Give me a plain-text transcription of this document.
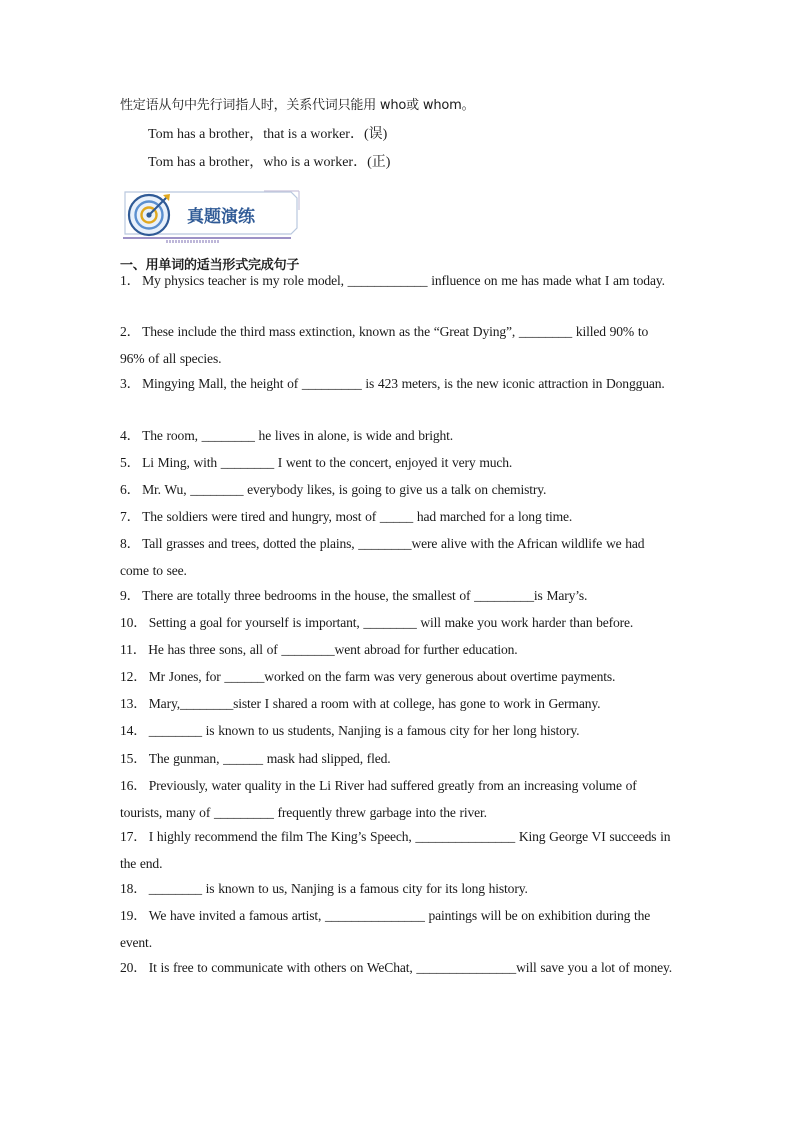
性定语从句中先行词指人时，关系代词只能用 who或 whom。
Tom has a brother，that is a worker．(误)
Tom has a brother，who is a worker．(正)
真题演练
一、用单词的适当形式完成句子
1． My physics teacher is my role model, ____________ influence on me has made what I am today.
2． These include the third mass extinction, known as the “Great Dying”, ________ killed 90% to 96% of all species.
3． Mingying Mall, the height of _________ is 423 meters, is the new iconic attraction in Dongguan.
4． The room, ________ he lives in alone, is wide and bright.
5． Li Ming, with ________ I went to the concert, enjoyed it very much.
6． Mr. Wu, ________ everybody likes, is going to give us a talk on chemistry.
7． The soldiers were tired and hungry, most of _____ had marched for a long time.
8． Tall grasses and trees, dotted the plains, ________were alive with the African wildlife we had come to see.
9． There are totally three bedrooms in the house, the smallest of _________is Mary’s.
10． Setting a goal for yourself is important, ________ will make you work harder than before.
11． He has three sons, all of ________went abroad for further education.
12． Mr Jones, for ______worked on the farm was very generous about overtime payments.
13． Mary,________sister I shared a room with at college, has gone to work in Germany.
14． ________ is known to us students, Nanjing is a famous city for her long history.
15． The gunman, ______ mask had slipped, fled.
16． Previously, water quality in the Li River had suffered greatly from an increasing volume of tourists, many of _________ frequently threw garbage into the river.
17． I highly recommend the film The King’s Speech, _______________ King George VI succeeds in the end.
18． ________ is known to us, Nanjing is a famous city for its long history.
19． We have invited a famous artist, _______________ paintings will be on exhibition during the event.
20． It is free to communicate with others on WeChat, _______________will save you a lot of money.
